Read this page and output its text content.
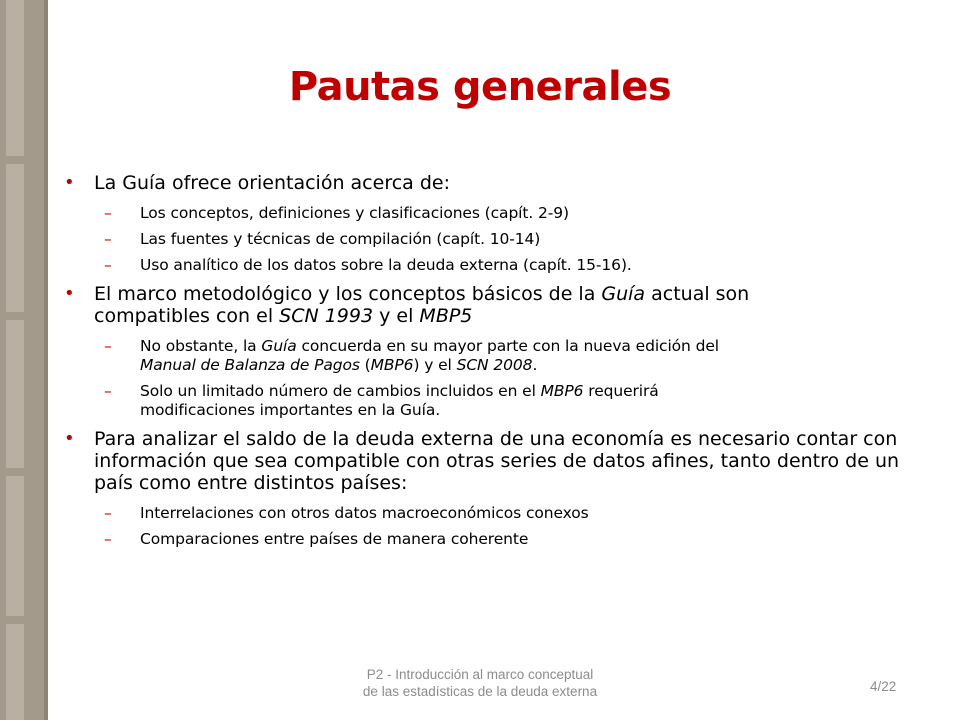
Pautas generales
• La Guía ofrece orientación acerca de:
– Los conceptos, definiciones y clasificaciones (capít. 2-9)
– Las fuentes y técnicas de compilación (capít. 10-14)
– Uso analítico de los datos sobre la deuda externa (capít. 15-16).
• El marco metodológico y los conceptos básicos de la Guía actual son
compatibles con el SCN 1993 y el MBP5
– No obstante, la Guía concuerda en su mayor parte con la nueva edición del
Manual de Balanza de Pagos (MBP6) y el SCN 2008.
– Solo un limitado número de cambios incluidos en el MBP6 requerirá
modificaciones importantes en la Guía.
• Para analizar el saldo de la deuda externa de una economía es necesario contar con información que sea compatible con otras series de datos afines, tanto dentro de un país como entre distintos países:
– Interrelaciones con otros datos macroeconómicos conexos
– Comparaciones entre países de manera coherente
P2 - Introducción al marco conceptual
de las estadísticas de la deuda externa	4/22
